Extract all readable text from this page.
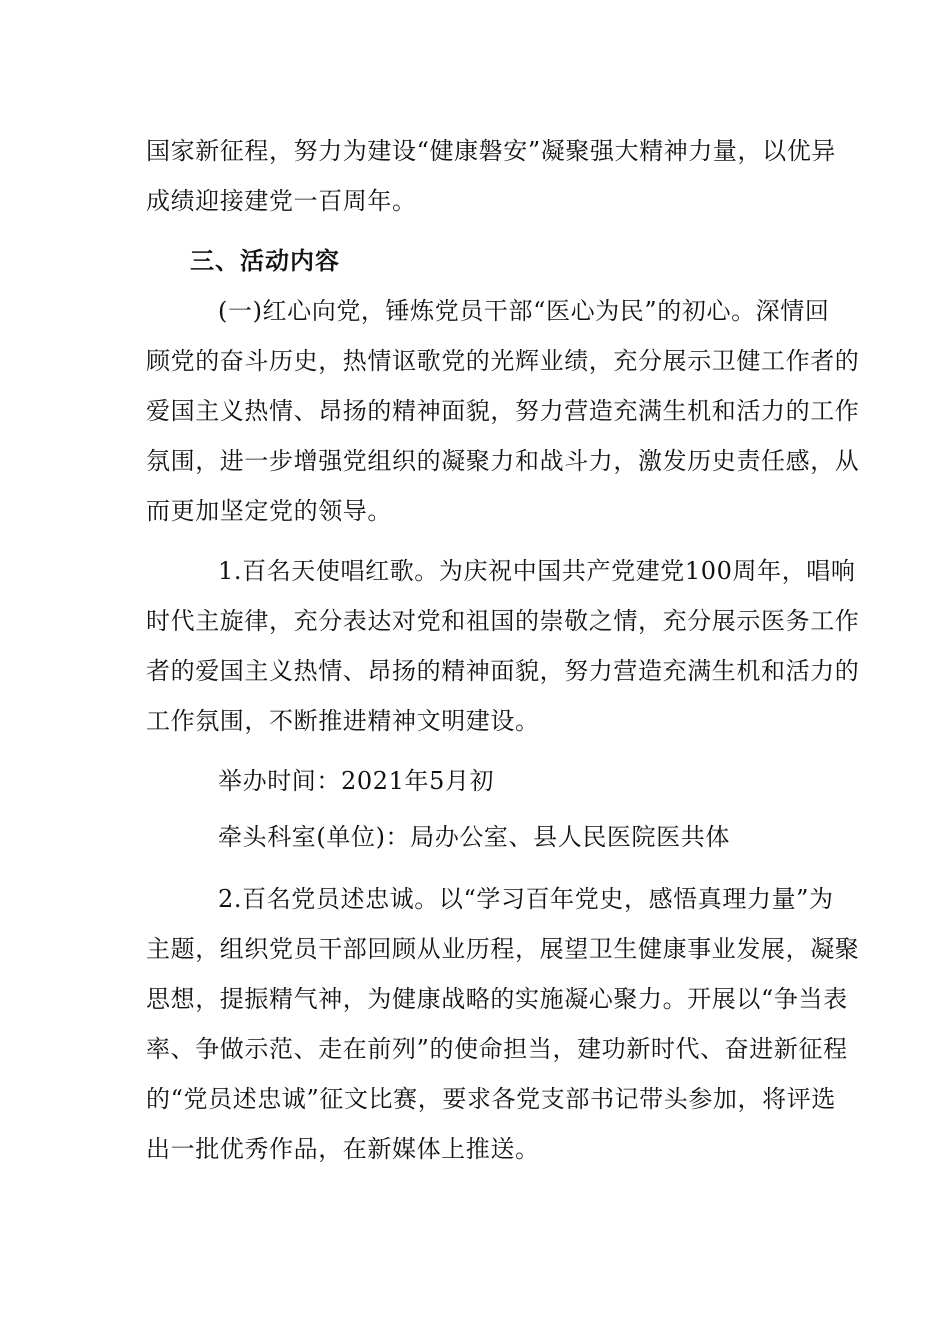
国家新征程，努力为建设“健康磐安”凝聚强大精神力量，以优异
成绩迎接建党一百周年。
三、活动内容
(一)红心向党，锤炼党员干部“医心为民”的初心。深情回
顾党的奋斗历史，热情讴歌党的光辉业绩，充分展示卫健工作者的
爱国主义热情、昂扬的精神面貌，努力营造充满生机和活力的工作
氛围，进一步增强党组织的凝聚力和战斗力，激发历史责任感，从
而更加坚定党的领导。
1.百名天使唱红歌。为庆祝中国共产党建党100周年，唱响
时代主旋律，充分表达对党和祖国的崇敬之情，充分展示医务工作
者的爱国主义热情、昂扬的精神面貌，努力营造充满生机和活力的
工作氛围，不断推进精神文明建设。
举办时间：2021年5月初
牵头科室(单位)：局办公室、县人民医院医共体
2.百名党员述忠诚。以“学习百年党史，感悟真理力量”为
主题，组织党员干部回顾从业历程，展望卫生健康事业发展，凝聚
思想，提振精气神，为健康战略的实施凝心聚力。开展以“争当表
率、争做示范、走在前列”的使命担当，建功新时代、奋进新征程
的“党员述忠诚”征文比赛，要求各党支部书记带头参加，将评选
出一批优秀作品，在新媒体上推送。
